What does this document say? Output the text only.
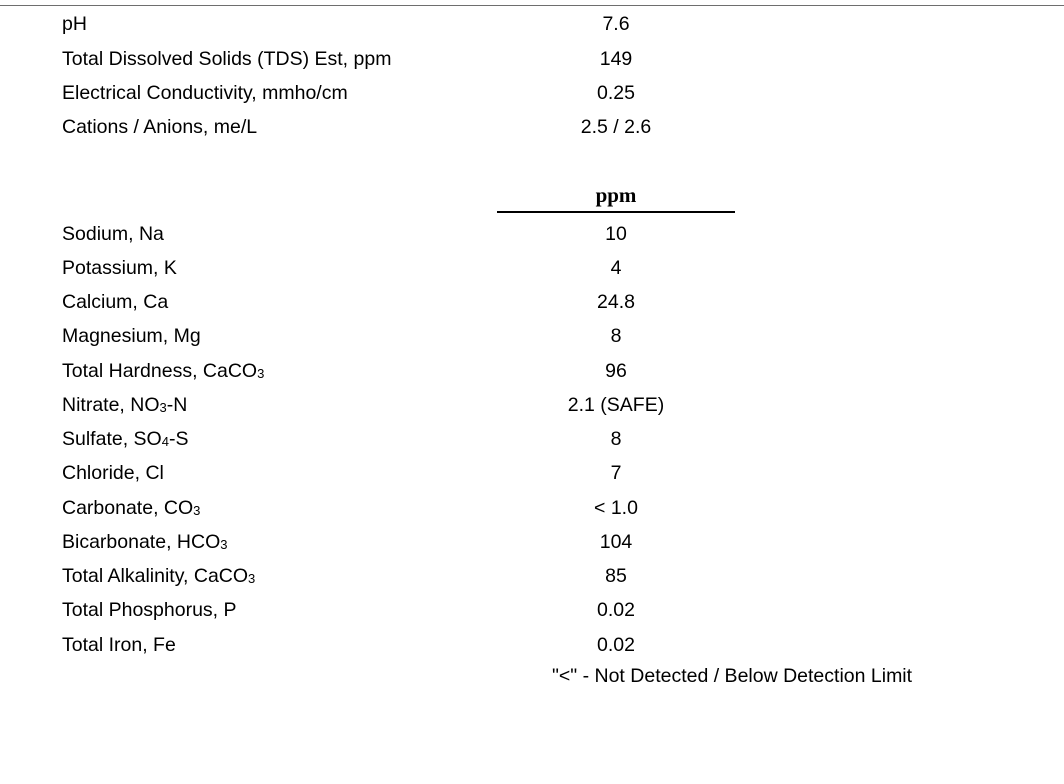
pH	7.6
Total Dissolved Solids (TDS) Est, ppm	149
Electrical Conductivity, mmho/cm	0.25
Cations / Anions, me/L	2.5 / 2.6
ppm
Sodium, Na	10
Potassium, K	4
Calcium, Ca	24.8
Magnesium, Mg	8
Total Hardness, CaCO3	96
Nitrate, NO3-N	2.1 (SAFE)
Sulfate, SO4-S	8
Chloride, Cl	7
Carbonate, CO3	< 1.0
Bicarbonate, HCO3	104
Total Alkalinity, CaCO3	85
Total Phosphorus, P	0.02
Total Iron, Fe	0.02
"<" - Not Detected / Below Detection Limit
